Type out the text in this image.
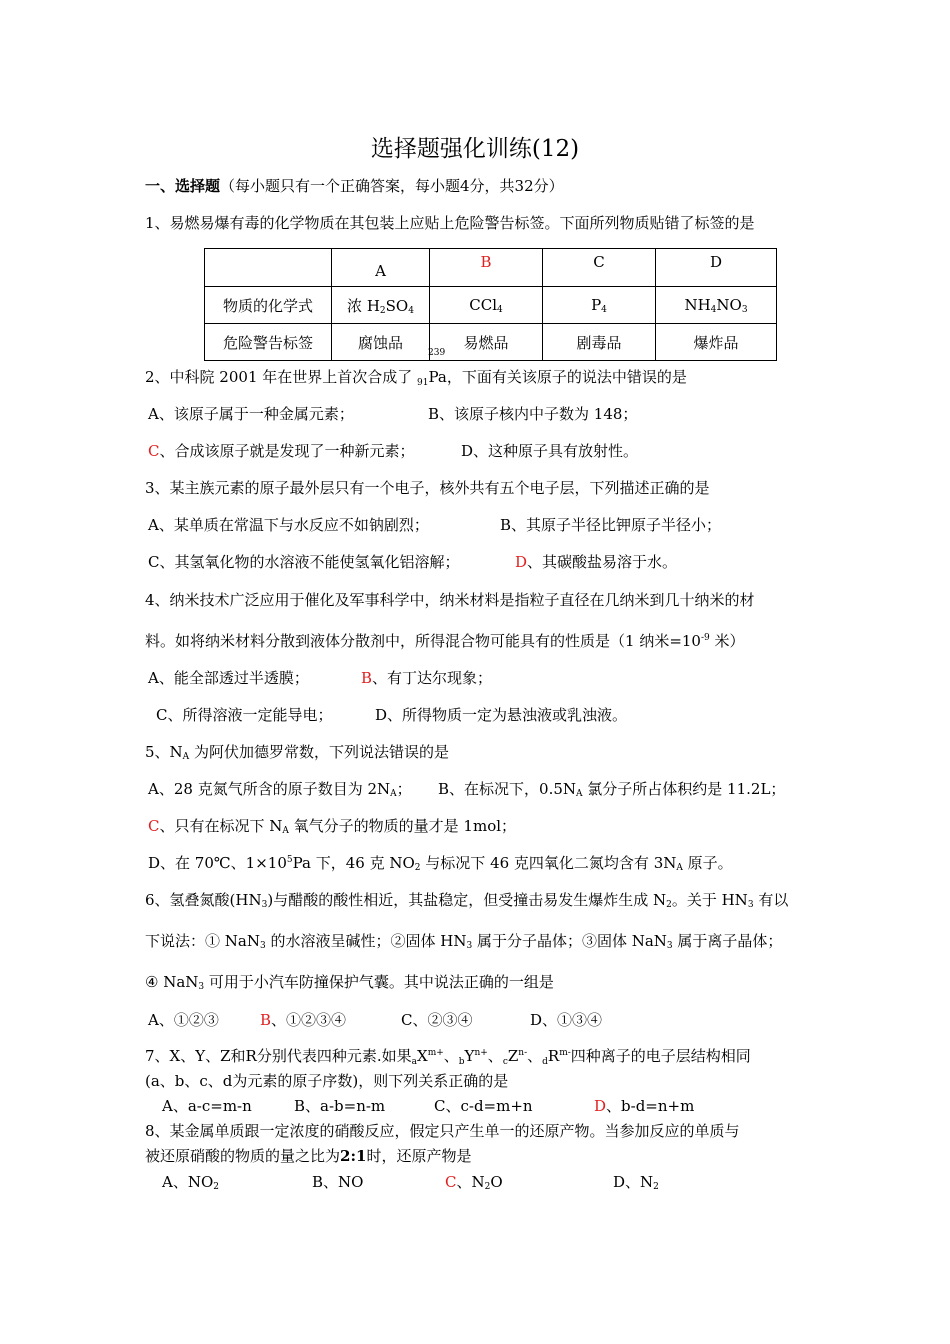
选择题强化训练(12)
一、选择题（每小题只有一个正确答案，每小题4分，共32分）
1、易燃易爆有毒的化学物质在其包装上应贴上危险警告标签。下面所列物质贴错了标签的是
	A	B	C	D
物质的化学式	浓 $H_2SO_4$	CCl$_4$	$P_4$	$NH_4NO_3$
危险警告标签	腐蚀品	易燃品	剧毒品	爆炸品
239
2、中科院 2001 年在世界上首次合成了 $_{91}$Pa，下面有关该原子的说法中错误的是
A、该原子属于一种金属元素；	B、该原子核内中子数为 148；
C、合成该原子就是发现了一种新元素；	D、这种原子具有放射性。
3、某主族元素的原子最外层只有一个电子，核外共有五个电子层，下列描述正确的是
A、某单质在常温下与水反应不如钠剧烈；	B、其原子半径比钾原子半径小；
C、其氢氧化物的水溶液不能使氢氧化铝溶解；	D、其碳酸盐易溶于水。
4、纳米技术广泛应用于催化及军事科学中，纳米材料是指粒子直径在几纳米到几十纳米的材
料。如将纳米材料分散到液体分散剂中，所得混合物可能具有的性质是（1 纳米$=10^{-9}$ 米）
A、能全部透过半透膜；	B、有丁达尔现象；
C、所得溶液一定能导电；	D、所得物质一定为悬浊液或乳浊液。
5、$N_A$ 为阿伏加德罗常数，下列说法错误的是
A、28 克氮气所含的原子数目为 $2N_A$； B、在标况下，$0.5N_A$ 氯分子所占体积约是 11.2L；
C、只有在标况下 $N_A$ 氧气分子的物质的量才是 1mol；
D、在 70℃、$1\times 10^5Pa$ 下，46 克 $NO_2$ 与标况下 46 克四氧化二氮均含有 $3N_A$ 原子。
6、氢叠氮酸$(HN_3)$与醋酸的酸性相近，其盐稳定，但受撞击易发生爆炸生成 $N_2$。关于 $HN_3$ 有以
下说法：① NaN$_3$ 的水溶液呈碱性；②固体 $HN_3$ 属于分子晶体；③固体 NaN$_3$ 属于离子晶体；
④ NaN$_3$ 可用于小汽车防撞保护气囊。其中说法正确的一组是
A、①②③	B、①②③④	C、②③④	D、①③④
7、X、Y、Z和R分别代表四种元素.如果$_aX^{m+}$、$_bY^{n+}$、$_cZ^{n-}$、$_dR^{m-}$四种离子的电子层结构相同
(a、b、c、d为元素的原子序数)，则下列关系正确的是
A、a-c=m-n	B、a-b=n-m	C、c-d=m+n	D、b-d=n+m
8、某金属单质跟一定浓度的硝酸反应，假定只产生单一的还原产物。当参加反应的单质与
被还原硝酸的物质的量之比为2:1时，还原产物是
A、$NO_2$	B、NO	C、$N_2O$	D、$N_2$
